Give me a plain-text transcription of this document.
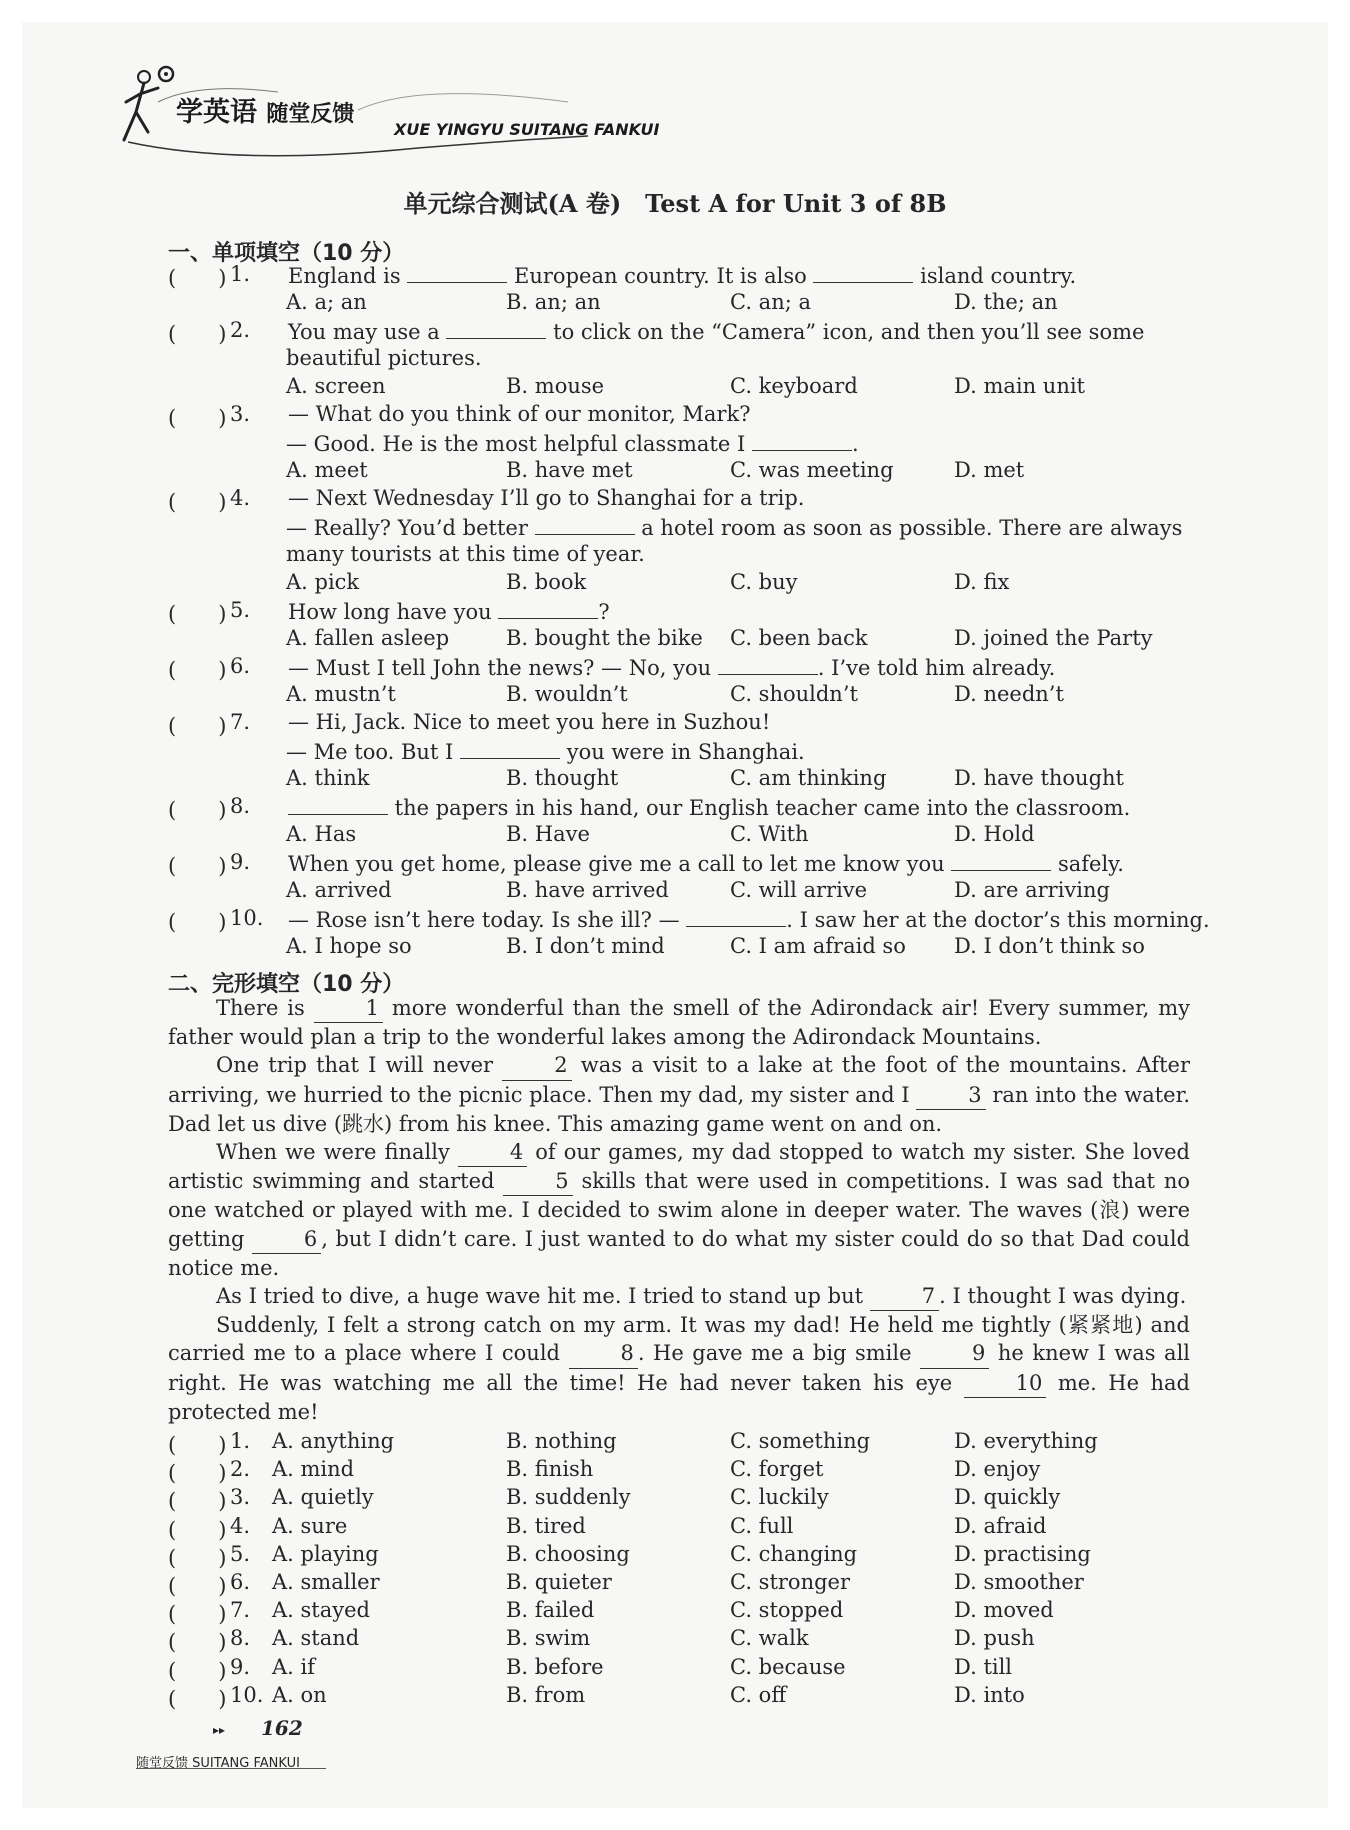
学英语 随堂反馈
XUE YINGYU SUITANG FANKUI
单元综合测试(A 卷)　Test A for Unit 3 of 8B
一、单项填空（10 分）
(　　) 1. England is	European country. It is also	island country.
A. a; an	B. an; an	C. an; a	D. the; an
(　　) 2. You may use a	to click on the “Camera” icon, and then you’ll see some
beautiful pictures.
A. screen	B. mouse	C. keyboard	D. main unit
(　　) 3. — What do you think of our monitor, Mark?
— Good. He is the most helpful classmate I	.
A. meet	B. have met	C. was meeting	D. met
(　　) 4. — Next Wednesday I’ll go to Shanghai for a trip.
— Really? You’d better	a hotel room as soon as possible. There are always
many tourists at this time of year.
A. pick	B. book	C. buy	D. fix
(　　) 5. How long have you	?
A. fallen asleep	B. bought the bike C. been back	D. joined the Party
(　　) 6. — Must I tell John the news? — No, you	. I’ve told him already.
A. mustn’t	B. wouldn’t	C. shouldn’t	D. needn’t
(　　) 7. — Hi, Jack. Nice to meet you here in Suzhou!
— Me too. But I	you were in Shanghai.
A. think	B. thought	C. am thinking	D. have thought
(　　) 8.	the papers in his hand, our English teacher came into the classroom.
A. Has	B. Have	C. With	D. Hold
(　　) 9. When you get home, please give me a call to let me know you	safely.
A. arrived	B. have arrived	C. will arrive	D. are arriving
(　　) 10. — Rose isn’t here today. Is she ill? —	. I saw her at the doctor’s this morning.
A. I hope so	B. I don’t mind	C. I am afraid so D. I don’t think so
二、完形填空（10 分）

There is 1 more wonderful than the smell of the Adirondack air! Every summer, my father would plan a trip to the wonderful lakes among the Adirondack Mountains.

One trip that I will never 2 was a visit to a lake at the foot of the mountains. After arriving, we hurried to the picnic place. Then my dad, my sister and I 3 ran into the water. Dad let us dive (跳水) from his knee. This amazing game went on and on.

When we were finally 4 of our games, my dad stopped to watch my sister. She loved artistic swimming and started 5 skills that were used in competitions. I was sad that no one watched or played with me. I decided to swim alone in deeper water. The waves (浪) were getting 6 , but I didn’t care. I just wanted to do what my sister could do so that Dad could notice me.

As I tried to dive, a huge wave hit me. I tried to stand up but 7 . I thought I was dying.

Suddenly, I felt a strong catch on my arm. It was my dad! He held me tightly (紧紧地) and carried me to a place where I could 8 . He gave me a big smile 9 he knew I was all right. He was watching me all the time! He had never taken his eye 10 me. He had protected me!

(　　) 1. A. anything	B. nothing	C. something	D. everything
(　　) 2. A. mind	B. finish	C. forget	D. enjoy
(　　) 3. A. quietly	B. suddenly	C. luckily	D. quickly
(　　) 4. A. sure	B. tired	C. full	D. afraid
(　　) 5. A. playing	B. choosing	C. changing	D. practising
(　　) 6. A. smaller	B. quieter	C. stronger	D. smoother
(　　) 7. A. stayed	B. failed	C. stopped	D. moved
(　　) 8. A. stand	B. swim	C. walk	D. push
(　　) 9. A. if	B. before	C. because	D. till
(　　) 10. A. on	B. from	C. off	D. into
▸▸ 162
随堂反馈 SUITANG FANKUI
